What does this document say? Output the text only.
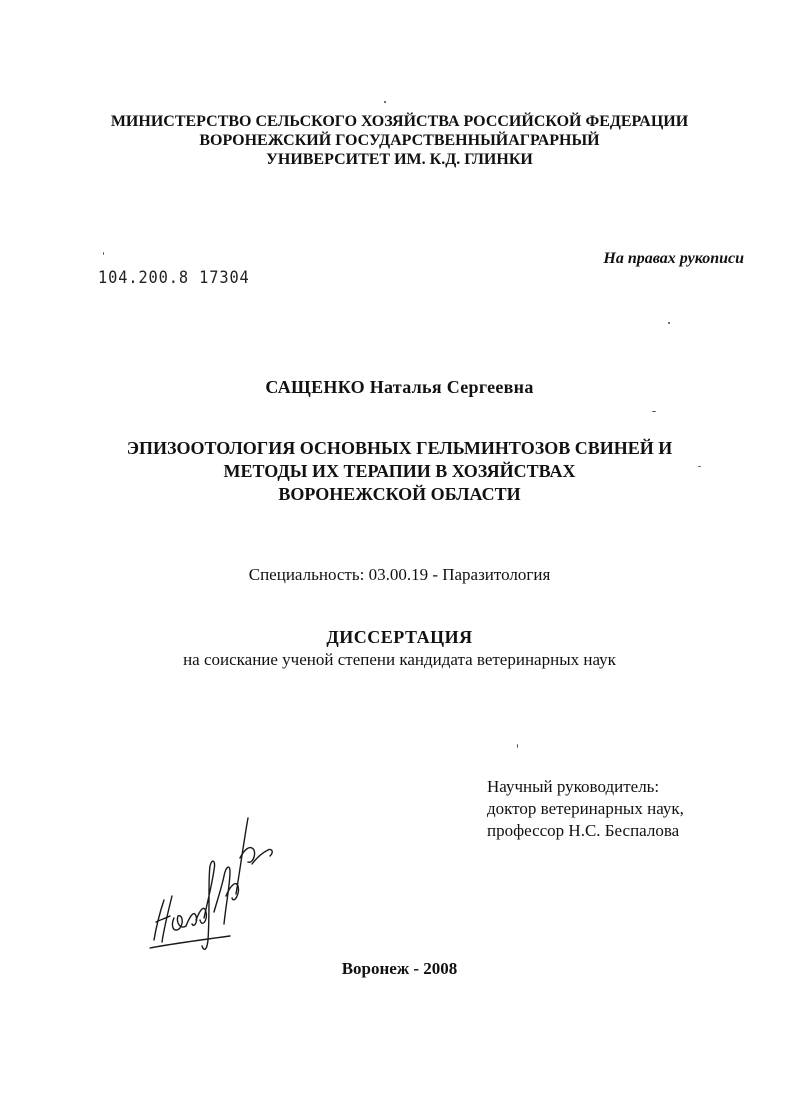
МИНИСТЕРСТВО СЕЛЬСКОГО ХОЗЯЙСТВА РОССИЙСКОЙ ФЕДЕРАЦИИ
ВОРОНЕЖСКИЙ ГОСУДАРСТВЕННЫЙАГРАРНЫЙ
УНИВЕРСИТЕТ ИМ. К.Д. ГЛИНКИ
104.200.8 17304
На правах рукописи
САЩЕНКО Наталья Сергеевна
ЭПИЗООТОЛОГИЯ ОСНОВНЫХ ГЕЛЬМИНТОЗОВ СВИНЕЙ И
МЕТОДЫ ИХ ТЕРАПИИ В ХОЗЯЙСТВАХ
ВОРОНЕЖСКОЙ ОБЛАСТИ
Специальность: 03.00.19 - Паразитология
ДИССЕРТАЦИЯ
на соискание ученой степени кандидата ветеринарных наук
Научный руководитель:
доктор ветеринарных наук,
профессор Н.С. Беспалова
Воронеж - 2008
